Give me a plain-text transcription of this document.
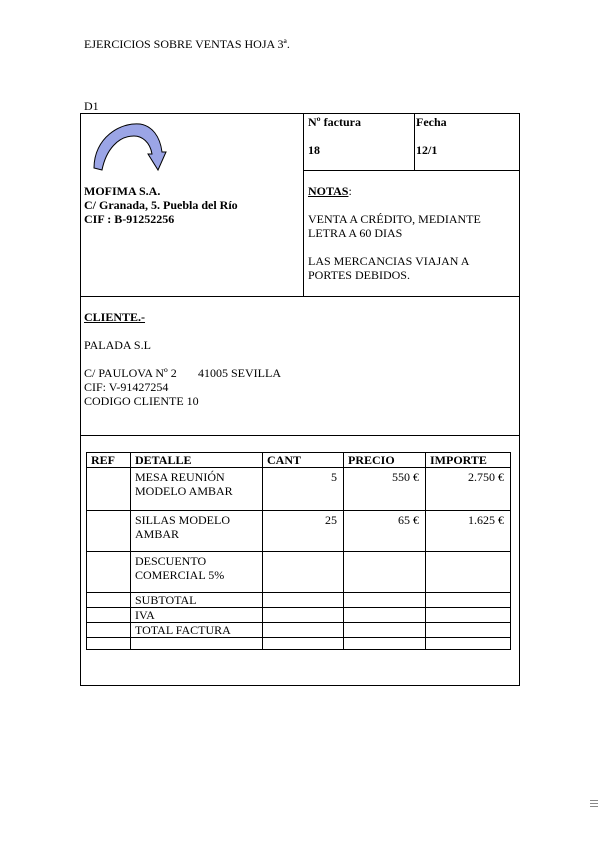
EJERCICIOS SOBRE VENTAS HOJA 3ª.
D1
MOFIMA S.A.
C/ Granada, 5. Puebla del Río
CIF : B-91252256
Nº factura
18
Fecha
12/1
NOTAS:
VENTA A CRÉDITO, MEDIANTE
LETRA A 60 DIAS
LAS MERCANCIAS VIAJAN A
PORTES DEBIDOS.
CLIENTE.-
PALADA S.L
C/ PAULOVA Nº 2 41005 SEVILLA
CIF: V-91427254
CODIGO CLIENTE 10
REF	DETALLE	CANT	PRECIO	IMPORTE

	MESA REUNIÓN
MODELO AMBAR	5	550 €	2.750 €

	SILLAS MODELO
AMBAR	25	65 €	1.625 €

	DESCUENTO
COMERCIAL 5%			

	SUBTOTAL			
	IVA			
	TOTAL FACTURA			
